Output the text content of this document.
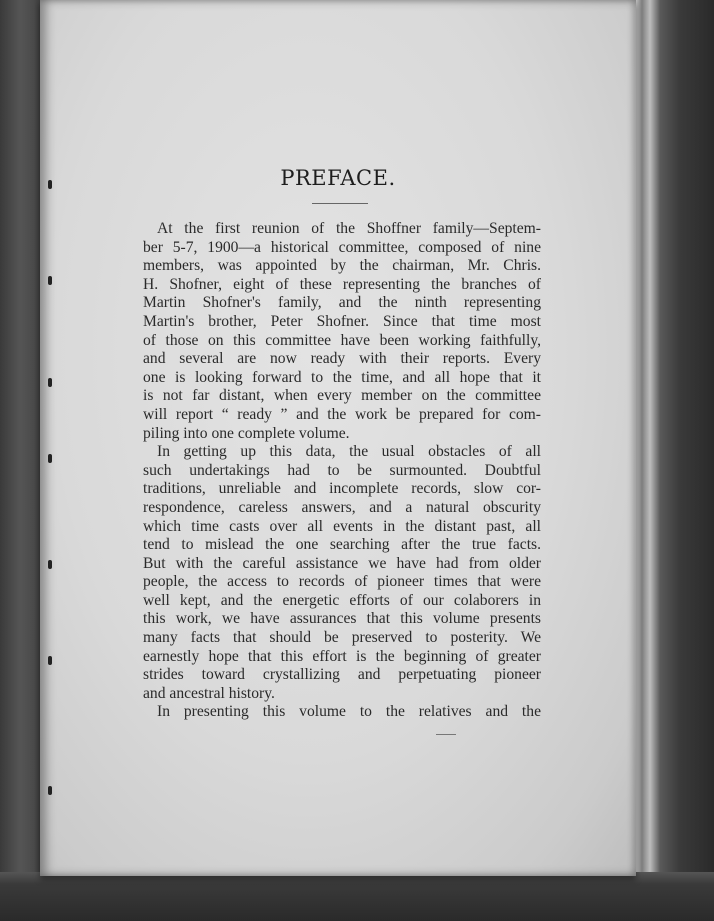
PREFACE.
At the first reunion of the Shoffner family—Septem-
ber 5-7, 1900—a historical committee, composed of nine
members, was appointed by the chairman, Mr. Chris.
H. Shofner, eight of these representing the branches of
Martin Shofner's family, and the ninth representing
Martin's brother, Peter Shofner. Since that time most
of those on this committee have been working faithfully,
and several are now ready with their reports. Every
one is looking forward to the time, and all hope that it
is not far distant, when every member on the committee
will report “ ready ” and the work be prepared for com-
piling into one complete volume.
In getting up this data, the usual obstacles of all
such undertakings had to be surmounted. Doubtful
traditions, unreliable and incomplete records, slow cor-
respondence, careless answers, and a natural obscurity
which time casts over all events in the distant past, all
tend to mislead the one searching after the true facts.
But with the careful assistance we have had from older
people, the access to records of pioneer times that were
well kept, and the energetic efforts of our colaborers in
this work, we have assurances that this volume presents
many facts that should be preserved to posterity. We
earnestly hope that this effort is the beginning of greater
strides toward crystallizing and perpetuating pioneer
and ancestral history.
In presenting this volume to the relatives and the
